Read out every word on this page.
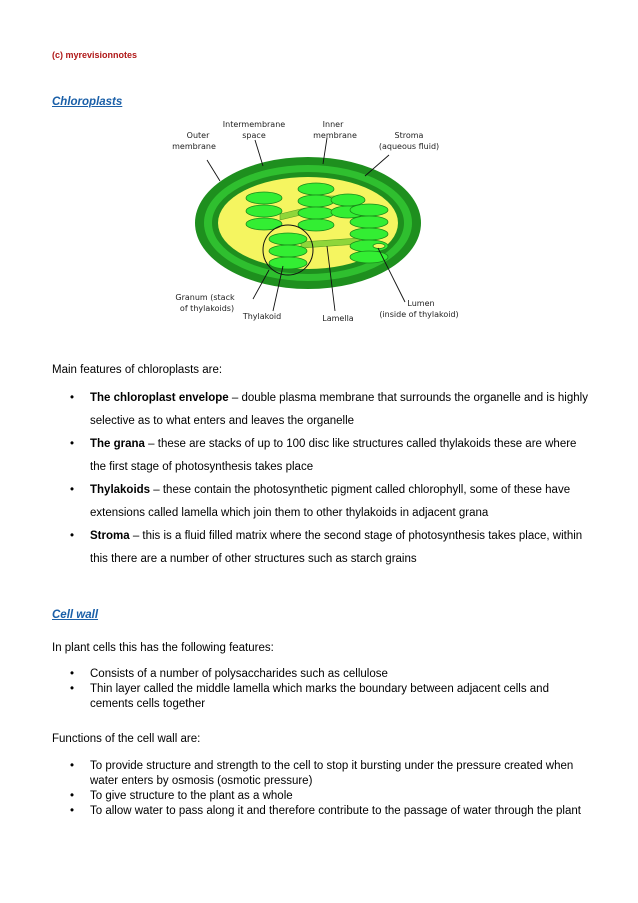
(c) myrevisionnotes
Chloroplasts
Outer
membrane
Intermembrane
space
Inner
membrane	Stroma
(aqueous fluid)
Granum (stack
of thylakoids)
Thylakoid	Lamella
Lumen
(inside of thylakoid)
Main features of chloroplasts are:
• The chloroplast envelope – double plasma membrane that surrounds the organelle and is highly selective as to what enters and leaves the organelle
• The grana – these are stacks of up to 100 disc like structures called thylakoids these are where the first stage of photosynthesis takes place
• Thylakoids – these contain the photosynthetic pigment called chlorophyll, some of these have extensions called lamella which join them to other thylakoids in adjacent grana
• Stroma – this is a fluid filled matrix where the second stage of photosynthesis takes place, within this there are a number of other structures such as starch grains
Cell wall
In plant cells this has the following features:
• Consists of a number of polysaccharides such as cellulose
• Thin layer called the middle lamella which marks the boundary between adjacent cells and cements cells together
Functions of the cell wall are:
• To provide structure and strength to the cell to stop it bursting under the pressure created when water enters by osmosis (osmotic pressure)
• To give structure to the plant as a whole
• To allow water to pass along it and therefore contribute to the passage of water through the plant
